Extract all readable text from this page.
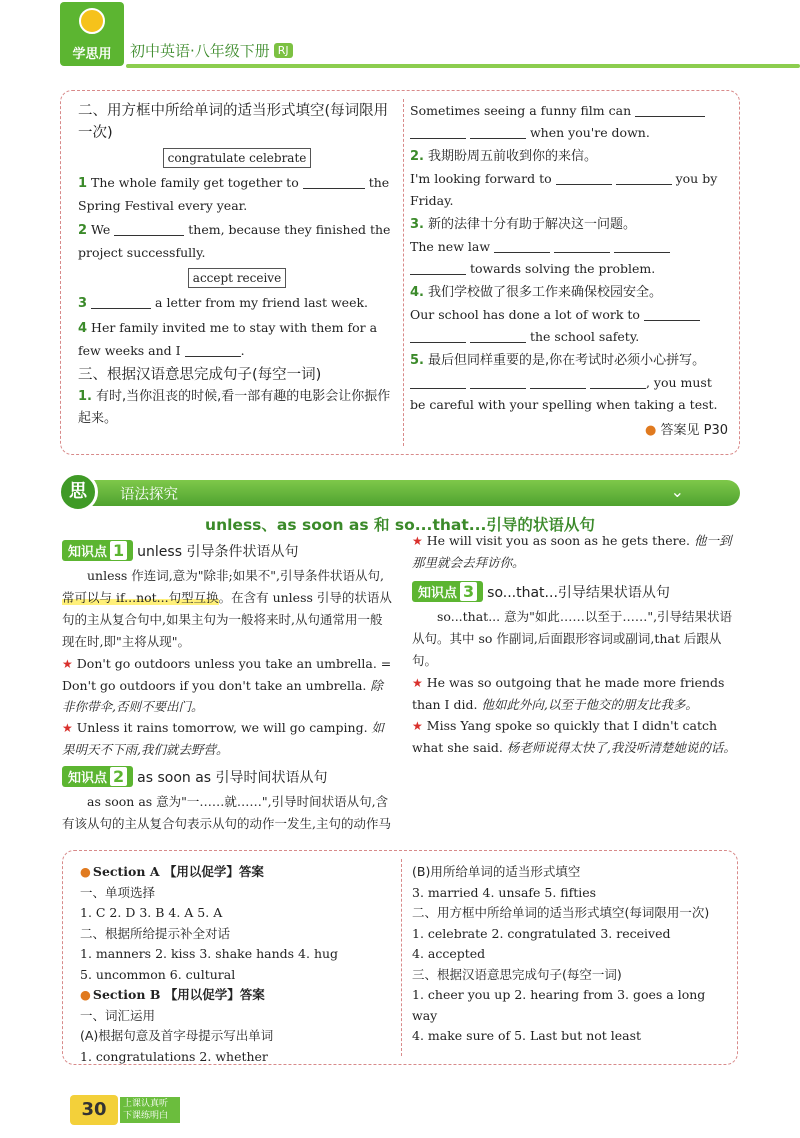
学思用	初中英语·八年级下册 RJ
二、用方框中所给单词的适当形式填空(每词限用一次)
congratulate celebrate
1 The whole family get together to	the Spring Festival every year.
2 We	them, because they finished the project successfully.
accept receive
3	a letter from my friend last week.
4 Her family invited me to stay with them for a few weeks and I	.
三、根据汉语意思完成句子(每空一词)
1. 有时,当你沮丧的时候,看一部有趣的电影会让你振作起来。
Sometimes seeing a funny film can
when you're down.
2. 我期盼周五前收到你的来信。
I'm looking forward to	you by Friday.
3. 新的法律十分有助于解决这一问题。
The new law
towards solving the problem.
4. 我们学校做了很多工作来确保校园安全。
Our school has done a lot of work to
the school safety.
5. 最后但同样重要的是,你在考试时必须小心拼写。
, you must be careful with your spelling when taking a test.
● 答案见 P30
思	语法探究	⌄
unless、as soon as 和 so...that...引导的状语从句
知识点 1 unless 引导条件状语从句
unless 作连词,意为"除非;如果不",引导条件状语从句,常可以与 if...not...句型互换。在含有 unless 引导的状语从句的主从复合句中,如果主句为一般将来时,从句通常用一般现在时,即"主将从现"。
★ Don't go outdoors unless you take an umbrella. = Don't go outdoors if you don't take an umbrella. 除非你带伞,否则不要出门。
★ Unless it rains tomorrow, we will go camping. 如果明天不下雨,我们就去野营。
知识点 2 as soon as 引导时间状语从句
as soon as 意为"一……就……",引导时间状语从句,含有该从句的主从复合句表示从句的动作一发生,主句的动作马
★ He will visit you as soon as he gets there. 他一到那里就会去拜访你。
知识点 3 so...that...引导结果状语从句
so...that... 意为"如此……以至于……",引导结果状语从句。其中 so 作副词,后面跟形容词或副词,that 后跟从句。
★ He was so outgoing that he made more friends than I did. 他如此外向,以至于他交的朋友比我多。
★ Miss Yang spoke so quickly that I didn't catch what she said. 杨老师说得太快了,我没听清楚她说的话。
● Section A 【用以促学】答案
一、单项选择
1. C 2. D 3. B 4. A 5. A
二、根据所给提示补全对话
1. manners 2. kiss 3. shake hands 4. hug
5. uncommon 6. cultural
● Section B 【用以促学】答案
一、词汇运用
(A)根据句意及首字母提示写出单词
1. congratulations 2. whether
(B)用所给单词的适当形式填空
3. married 4. unsafe 5. fifties
二、用方框中所给单词的适当形式填空(每词限用一次)
1. celebrate 2. congratulated 3. received
4. accepted
三、根据汉语意思完成句子(每空一词)
1. cheer you up 2. hearing from 3. goes a long way
4. make sure of 5. Last but not least
30	上课认真听
下课练明白
